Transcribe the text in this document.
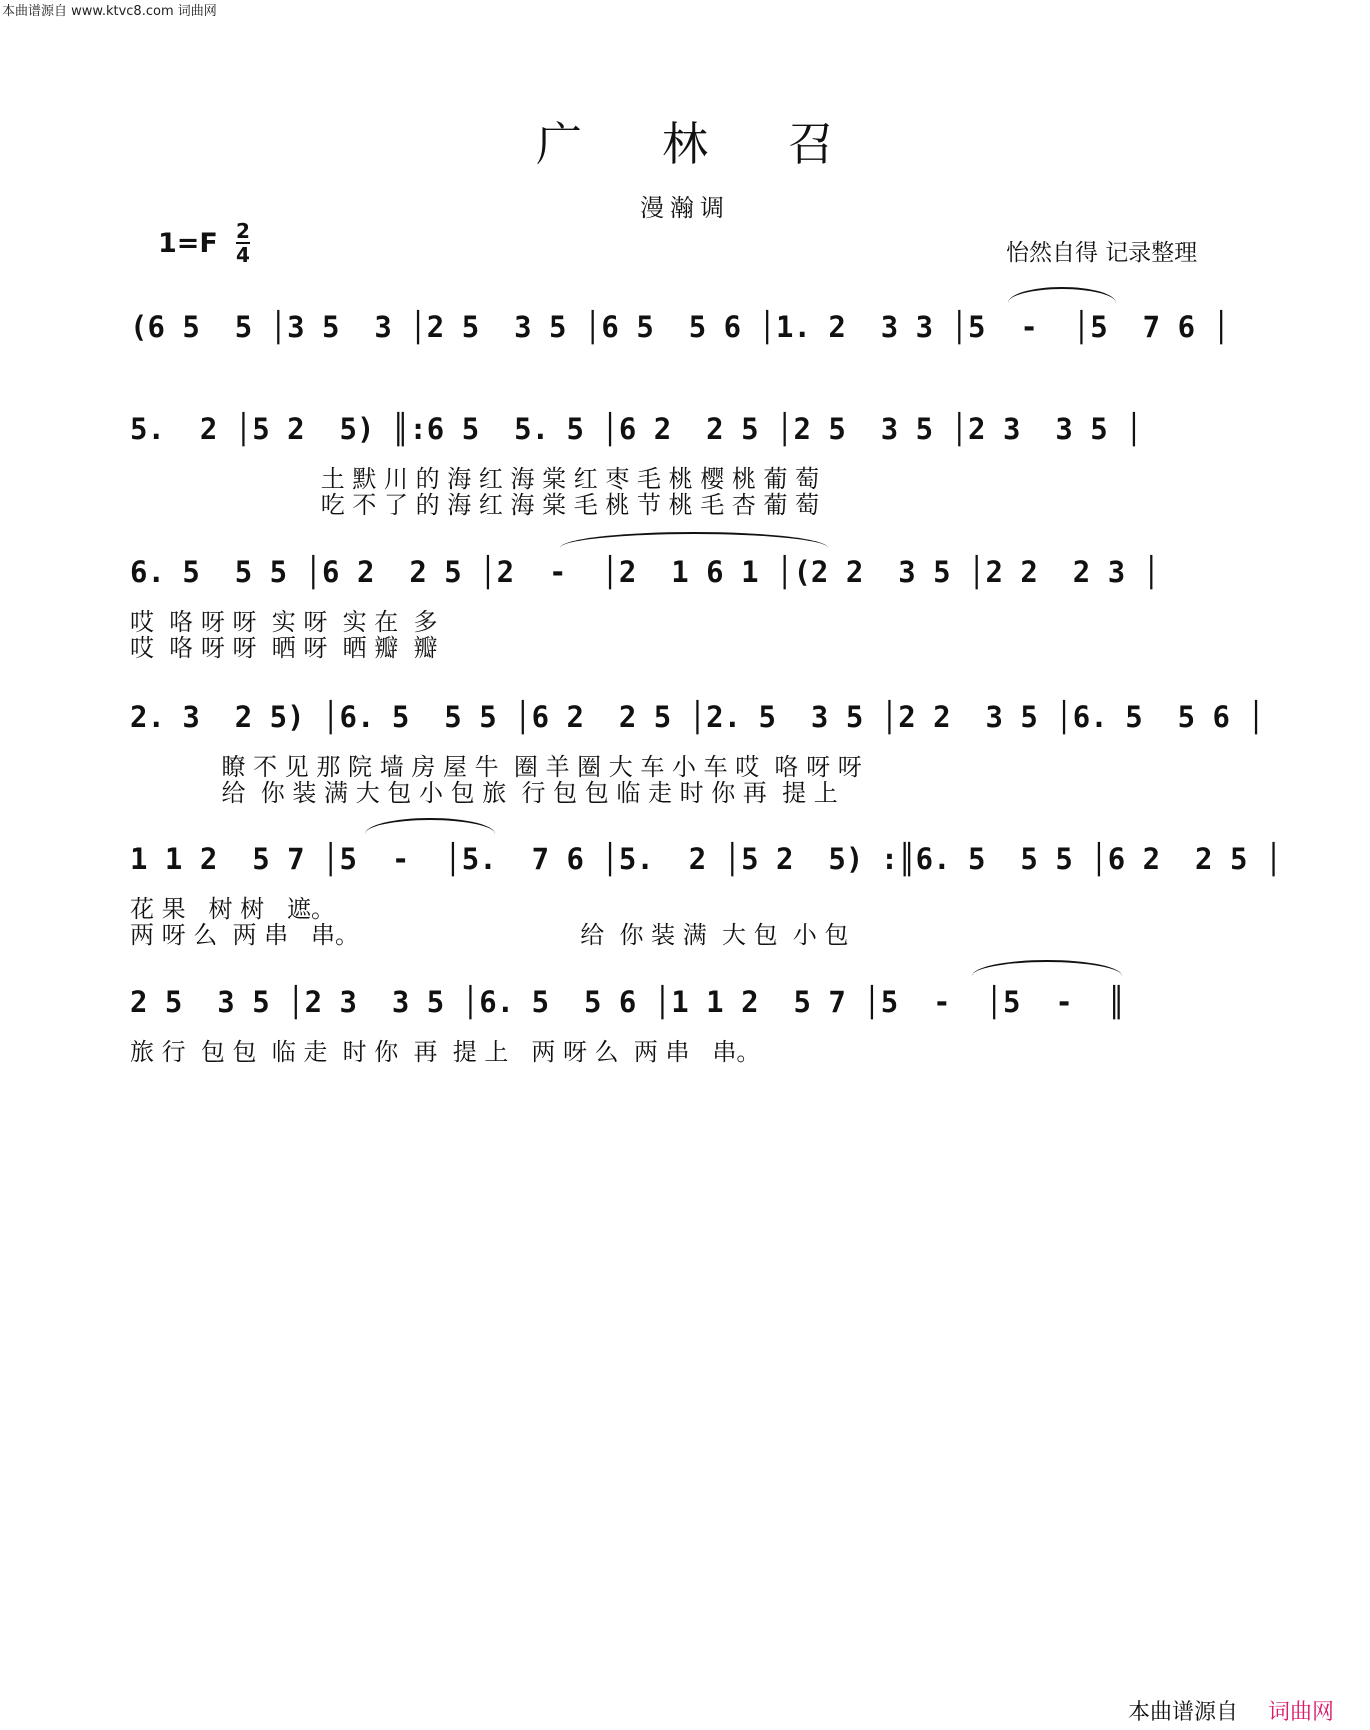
本曲谱源自 www.ktvc8.com 词曲网
广林召
漫瀚调
1=F 2
4	怡然自得 记录整理
(6 5  5 │3 5  3 │2 5  3 5 │6 5  5 6 │1. 2  3 3 │5  -  │5  7 6 │
5.  2 │5 2  5) ║:6 5  5. 5 │6 2  2 5 │2 5  3 5 │2 3  3 5 │
土 默 川 的 海 红 海 棠 红 枣 毛 桃 樱 桃 葡 萄
吃 不 了 的 海 红 海 棠 毛 桃 节 桃 毛 杏 葡 萄
6. 5  5 5 │6 2  2 5 │2  -  │2  1 6 1 │(2 2  3 5 │2 2  2 3 │
哎  咯 呀 呀  实 呀  实 在  多
哎  咯 呀 呀  晒 呀  晒 瓣  瓣
2. 3  2 5) │6. 5  5 5 │6 2  2 5 │2. 5  3 5 │2 2  3 5 │6. 5  5 6 │
瞭 不 见 那 院 墙 房 屋 牛  圈 羊 圈 大 车 小 车 哎  咯 呀 呀
给  你 装 满 大 包 小 包 旅  行 包 包 临 走 时 你 再  提 上
1 1 2  5 7 │5  -  │5.  7 6 │5.  2 │5 2  5) :║6. 5  5 5 │6 2  2 5 │
花 果   树 树   遮。
两 呀 么  两 串   串。                             给  你 装 满  大 包  小 包
2 5  3 5 │2 3  3 5 │6. 5  5 6 │1 1 2  5 7 │5  -  │5  -  ║
旅 行  包 包  临 走  时 你  再  提 上   两 呀 么  两 串   串。
本曲谱源自 词曲网
